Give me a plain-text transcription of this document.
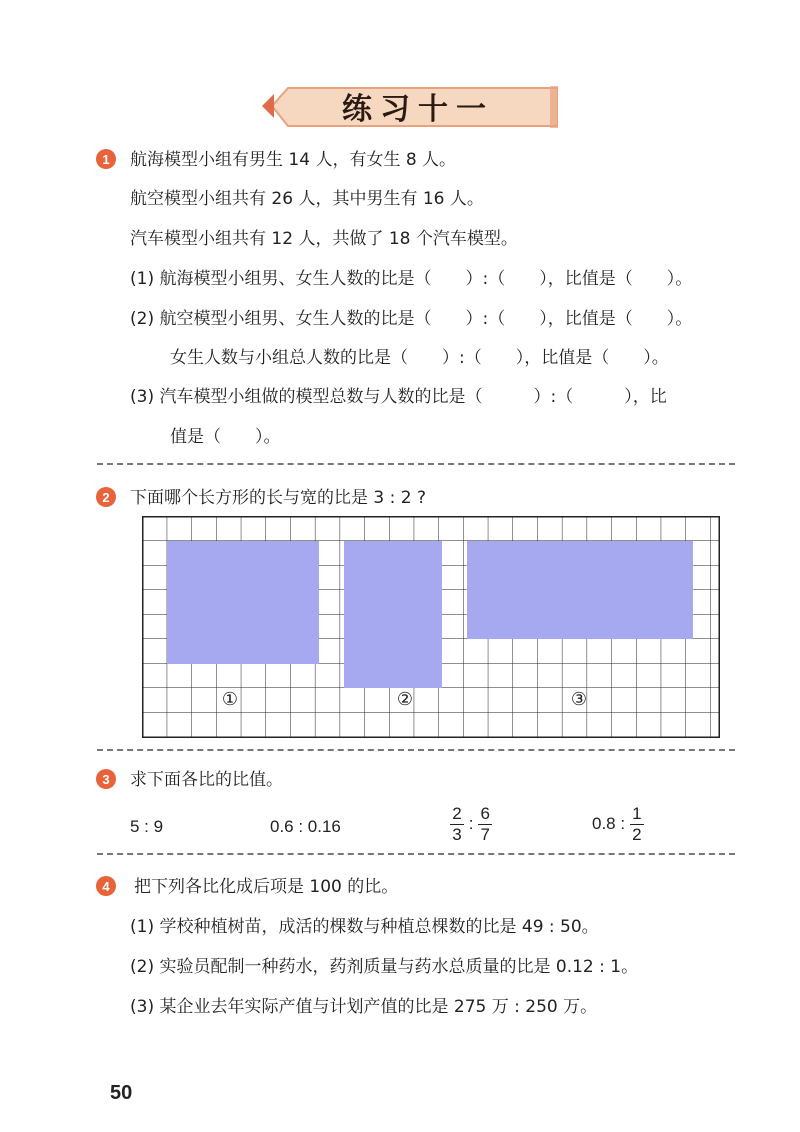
练习十一
1	航海模型小组有男生 14 人，有女生 8 人。
航空模型小组共有 26 人，其中男生有 16 人。
汽车模型小组共有 12 人，共做了 18 个汽车模型。
(1) 航海模型小组男、女生人数的比是（　　）:（　　），比值是（　　）。
(2) 航空模型小组男、女生人数的比是（　　）:（　　），比值是（　　）。
女生人数与小组总人数的比是（　　）:（　　），比值是（　　）。
(3) 汽车模型小组做的模型总数与人数的比是（　　　）:（　　　），比
值是（　　）。
2	下面哪个长方形的长与宽的比是 3 : 2 ?
①	②	③
3	求下面各比的比值。
5 : 9	0.6 : 0.16	$\frac{2}{3}$ : $\frac{6}{7}$	0.8 : $\frac{1}{2}$
4	把下列各比化成后项是 100 的比。
(1) 学校种植树苗，成活的棵数与种植总棵数的比是 49 : 50。
(2) 实验员配制一种药水，药剂质量与药水总质量的比是 0.12 : 1。
(3) 某企业去年实际产值与计划产值的比是 275 万 : 250 万。
50
